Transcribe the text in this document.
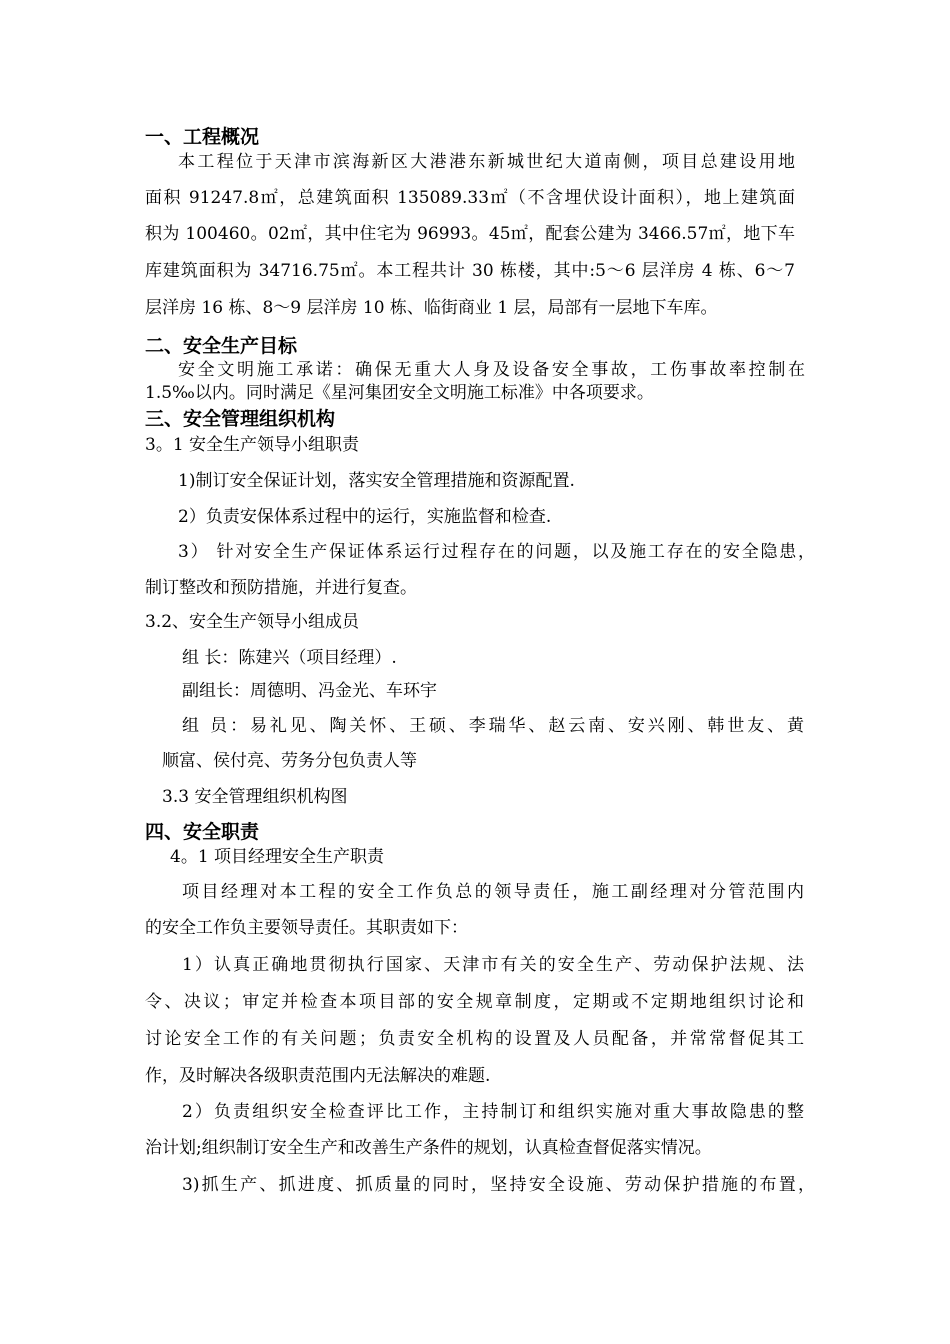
一、工程概况
本工程位于天津市滨海新区大港港东新城世纪大道南侧，项目总建设用地
面积 91247.8㎡，总建筑面积 135089.33㎡（不含埋伏设计面积），地上建筑面
积为 100460。02㎡，其中住宅为 96993。45㎡，配套公建为 3466.57㎡，地下车
库建筑面积为 34716.75㎡。本工程共计 30 栋楼，其中:5～6 层洋房 4 栋、6～7
层洋房 16 栋、8～9 层洋房 10 栋、临街商业 1 层，局部有一层地下车库。
二、安全生产目标
安全文明施工承诺：确保无重大人身及设备安全事故，工伤事故率控制在
1.5‰以内。同时满足《星河集团安全文明施工标准》中各项要求。
三、安全管理组织机构
3。1 安全生产领导小组职责
1)制订安全保证计划，落实安全管理措施和资源配置.
2）负责安保体系过程中的运行，实施监督和检查.
3） 针对安全生产保证体系运行过程存在的问题，以及施工存在的安全隐患，
制订整改和预防措施，并进行复查。
3.2、安全生产领导小组成员
组 长：陈建兴（项目经理）.
副组长：周德明、冯金光、车环宇
组 员：易礼见、陶关怀、王硕、李瑞华、赵云南、安兴刚、韩世友、黄
顺富、侯付亮、劳务分包负责人等
3.3 安全管理组织机构图
四、安全职责
4。1 项目经理安全生产职责
项目经理对本工程的安全工作负总的领导责任，施工副经理对分管范围内
的安全工作负主要领导责任。其职责如下：
1）认真正确地贯彻执行国家、天津市有关的安全生产、劳动保护法规、法
令、决议；审定并检查本项目部的安全规章制度，定期或不定期地组织讨论和
讨论安全工作的有关问题；负责安全机构的设置及人员配备，并常常督促其工
作，及时解决各级职责范围内无法解决的难题.
2）负责组织安全检查评比工作，主持制订和组织实施对重大事故隐患的整
治计划;组织制订安全生产和改善生产条件的规划，认真检查督促落实情况。
3)抓生产、抓进度、抓质量的同时，坚持安全设施、劳动保护措施的布置，
